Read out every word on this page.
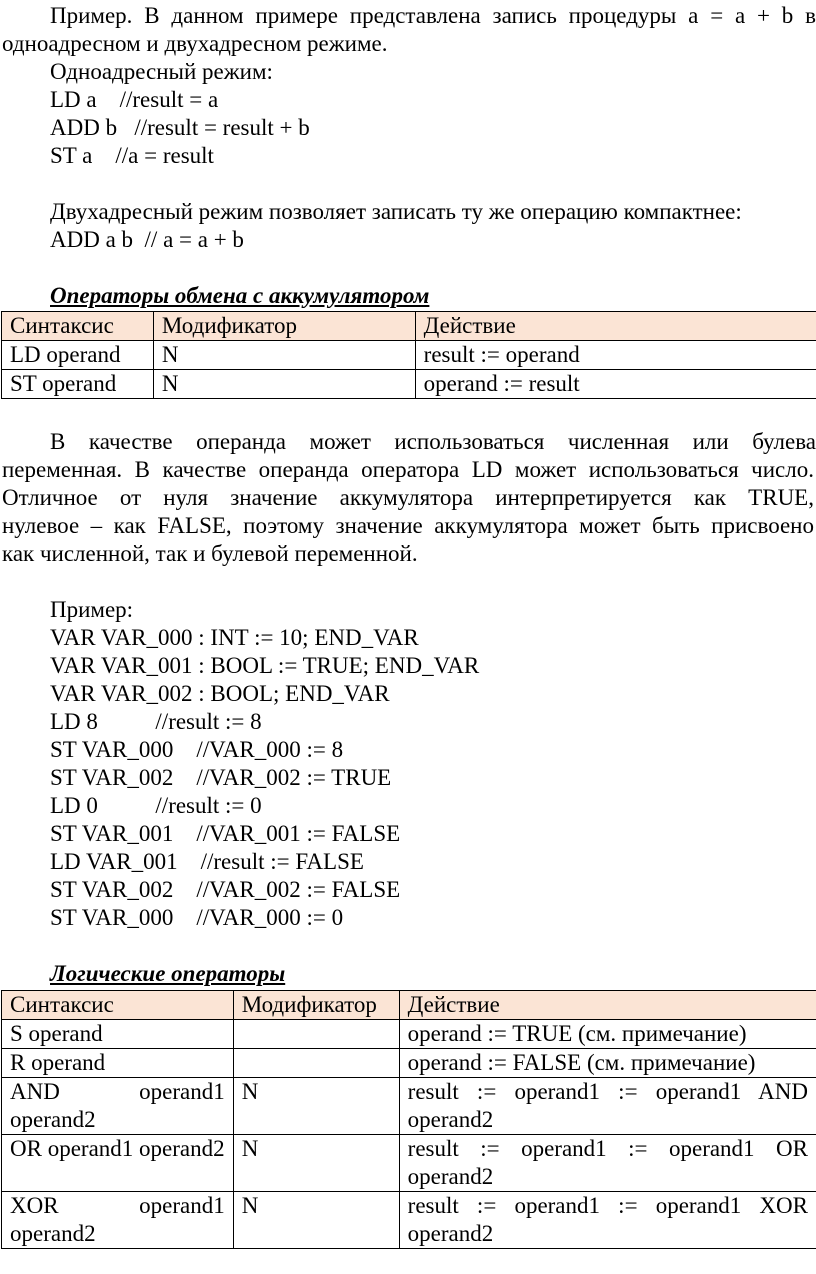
Пример. В данном примере представлена запись процедуры a = a + b в
одноадресном и двухадресном режиме.
Одноадресный режим:
LD a    //result = a
ADD b   //result = result + b
ST a    //a = result
Двухадресный режим позволяет записать ту же операцию компактнее:
ADD a b  // a = a + b
Операторы обмена с аккумулятором
Синтаксис	Модификатор	Действие
LD operand	N	result := operand
ST operand	N	operand := result
В качестве операнда может использоваться численная или булева
переменная. В качестве операнда оператора LD может использоваться число.
Отличное от нуля значение аккумулятора интерпретируется как TRUE,
нулевое – как FALSE, поэтому значение аккумулятора может быть присвоено
как численной, так и булевой переменной.
Пример:
VAR VAR_000 : INT := 10; END_VAR
VAR VAR_001 : BOOL := TRUE; END_VAR
VAR VAR_002 : BOOL; END_VAR
LD 8          //result := 8
ST VAR_000    //VAR_000 := 8
ST VAR_002    //VAR_002 := TRUE
LD 0          //result := 0
ST VAR_001    //VAR_001 := FALSE
LD VAR_001    //result := FALSE
ST VAR_002    //VAR_002 := FALSE
ST VAR_000    //VAR_000 := 0
Логические операторы
Синтаксис	Модификатор	Действие
S operand		operand := TRUE (см. примечание)
R operand		operand := FALSE (см. примечание)
AND operand1 operand2	N	result := operand1 := operand1 AND operand2
OR operand1 operand2	N	result := operand1 := operand1 OR operand2
XOR operand1 operand2	N	result := operand1 := operand1 XOR operand2
